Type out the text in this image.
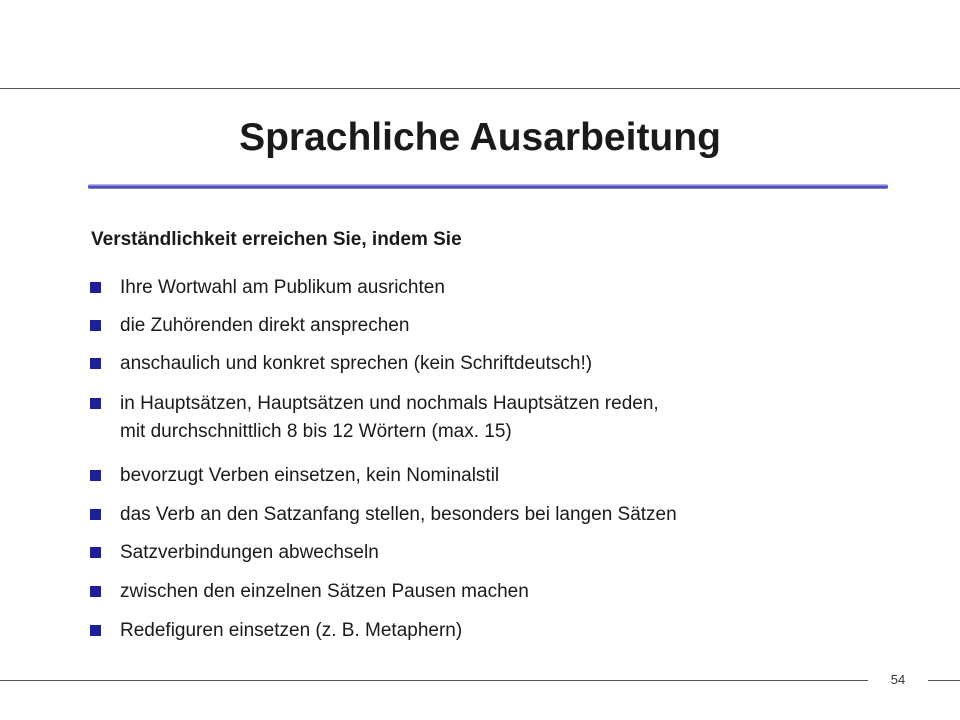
Sprachliche Ausarbeitung
Verständlichkeit erreichen Sie, indem Sie
Ihre Wortwahl am Publikum ausrichten
die Zuhörenden direkt ansprechen
anschaulich und konkret sprechen (kein Schriftdeutsch!)
in Hauptsätzen, Hauptsätzen und nochmals Hauptsätzen reden,
mit durchschnittlich 8 bis 12 Wörtern (max. 15)
bevorzugt Verben einsetzen, kein Nominalstil
das Verb an den Satzanfang stellen, besonders bei langen Sätzen
Satzverbindungen abwechseln
zwischen den einzelnen Sätzen Pausen machen
Redefiguren einsetzen (z. B. Metaphern)
54
